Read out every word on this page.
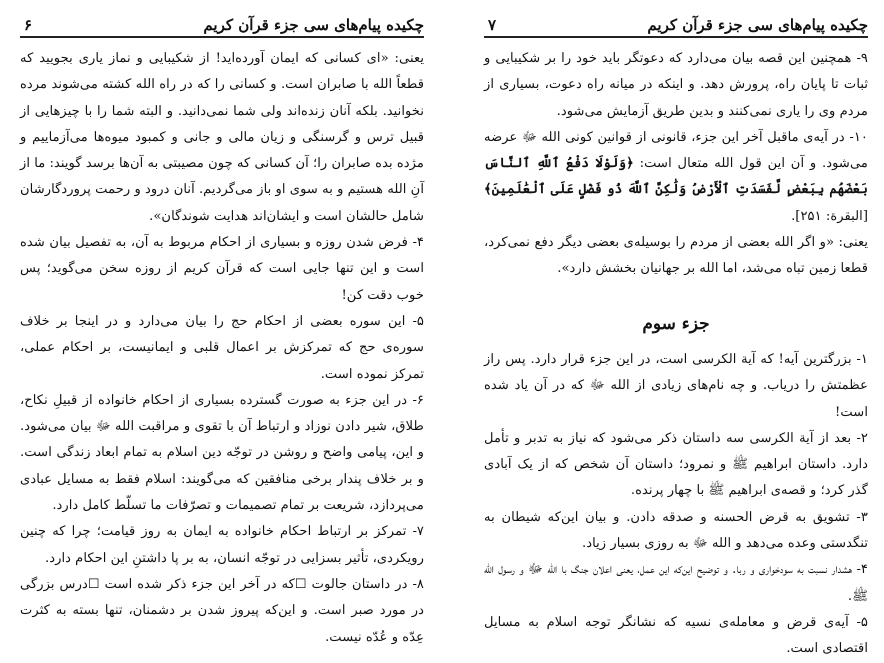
چکیده پیام‌های سی جزء قرآن کریم
۶

یعنی: «ای کسانی که ایمان آورده‌اید! از شکیبایی و نماز یاری بجویید که قطعاً الله با صابران است. و کسانی را که در راه الله کشته می‌شوند مرده نخوانید. بلکه آنان زنده‌اند ولی شما نمی‌دانید. و البته شما را با چیزهایی از قبیل ترس و گرسنگی و زیان مالی و جانی و کمبود میوه‌ها می‌آزماییم و مژده بده صابران را؛ آن کسانی که چون مصیبتی به آن‌ها برسد گویند: ما از آنِ الله هستیم و به سوی او باز می‌گردیم. آنان درود و رحمت پروردگارشان شامل حالشان است و ایشان‌اند هدایت شوندگان».

۴- فرض شدن روزه و بسیاری از احکام مربوط به آن، به تفصیل بیان شده است و این تنها جایی است که قرآن کریم از روزه سخن می‌گوید؛ پس خوب دقت کن!

۵- این سوره بعضی از احکام حج را بیان می‌دارد و در اینجا بر خلاف سوره‌ی حج که تمرکزش بر اعمال قلبی و ایمانیست، بر احکام عملی، تمرکز نموده است.

۶- در این جزء به صورت گسترده بسیاری از احکام خانواده از قبیلِ نکاح، طلاق، شیر دادن نوزاد و ارتباط آن با تقوی و مراقبت الله ﷻ بیان می‌شود. و این، پیامی واضح و روشن در توجّه دین اسلام به تمام ابعاد زندگی است. و بر خلاف پندار برخی منافقین که می‌گویند: اسلام فقط به مسایل عبادی می‌پردازد، شریعت بر تمام تصمیمات و تصرّفات ما تسلّط کامل دارد.

۷- تمرکز بر ارتباط احکام خانواده به ایمان به روز قیامت؛ چرا که چنین رویکردی، تأثیر بسزایی در توجّه انسان، به بر پا داشتنِ این احکام دارد.

۸- در داستان جالوت ☐که در آخر این جزء ذکر شده است ☐درس بزرگی در مورد صبر است. و این‌که پیروز شدن بر دشمنان، تنها بسته به کثرت عِدّه و عُدّه نیست.

چکیده پیام‌های سی جزء قرآن کریم
۷

۹- همچنین این قصه بیان می‌دارد که دعوتگر باید خود را بر شکیبایی و ثبات تا پایان راه، پرورش دهد. و اینکه در میانه راه دعوت، بسیاری از مردم وی را یاری نمی‌کنند و بدین طریق آزمایش می‌شود.

۱۰- در آیه‌ی ماقبل آخر این جزء، قانونی از قوانین کونی الله ﷻ عرضه می‌شود. و آن این قول الله متعال است: ﴿وَلَوْلَا دَفْعُ ٱللَّهِ ٱلنَّاسَ بَعْضَهُم بِبَعْضٍ لَّفَسَدَتِ ٱلْأَرْضُ وَلَٰكِنَّ ٱللَّهَ ذُو فَضْلٍ عَلَى ٱلْعَٰلَمِينَ﴾ [البقرة: ۲۵۱].

یعنی: «و اگر الله بعضی از مردم را بوسیله‌ی بعضی دیگر دفع نمی‌کرد، قطعا زمین تباه می‌شد، اما الله بر جهانیان بخشش دارد».

جزء سوم

۱- بزرگترین آیه! که آیة الکرسی است، در این جزء قرار دارد. پس راز عظمتش را دریاب. و چه نام‌های زیادی از الله ﷻ که در آن یاد شده است!

۲- بعد از آیة الکرسی سه داستان ذکر می‌شود که نیاز به تدبر و تأمل دارد. داستان ابراهیم ﷺ و نمرود؛ داستان آن شخص که از یک آبادی گذر کرد؛ و قصه‌ی ابراهیم ﷺ با چهار پرنده.

۳- تشویق به قرض الحسنه و صدقه دادن. و بیان این‌که شیطان به تنگدستی وعده می‌دهد و الله ﷻ به روزی بسیار زیاد.

۴- هشدار نسبت به سودخواری و ربا. و توضیح این‌که این عمل، یعنی اعلان جنگ با الله ﷻ و رسول الله ﷺ.

۵- آیه‌ی قرض و معامله‌ی نسیه که نشانگر توجه اسلام به مسایل اقتصادی است.
